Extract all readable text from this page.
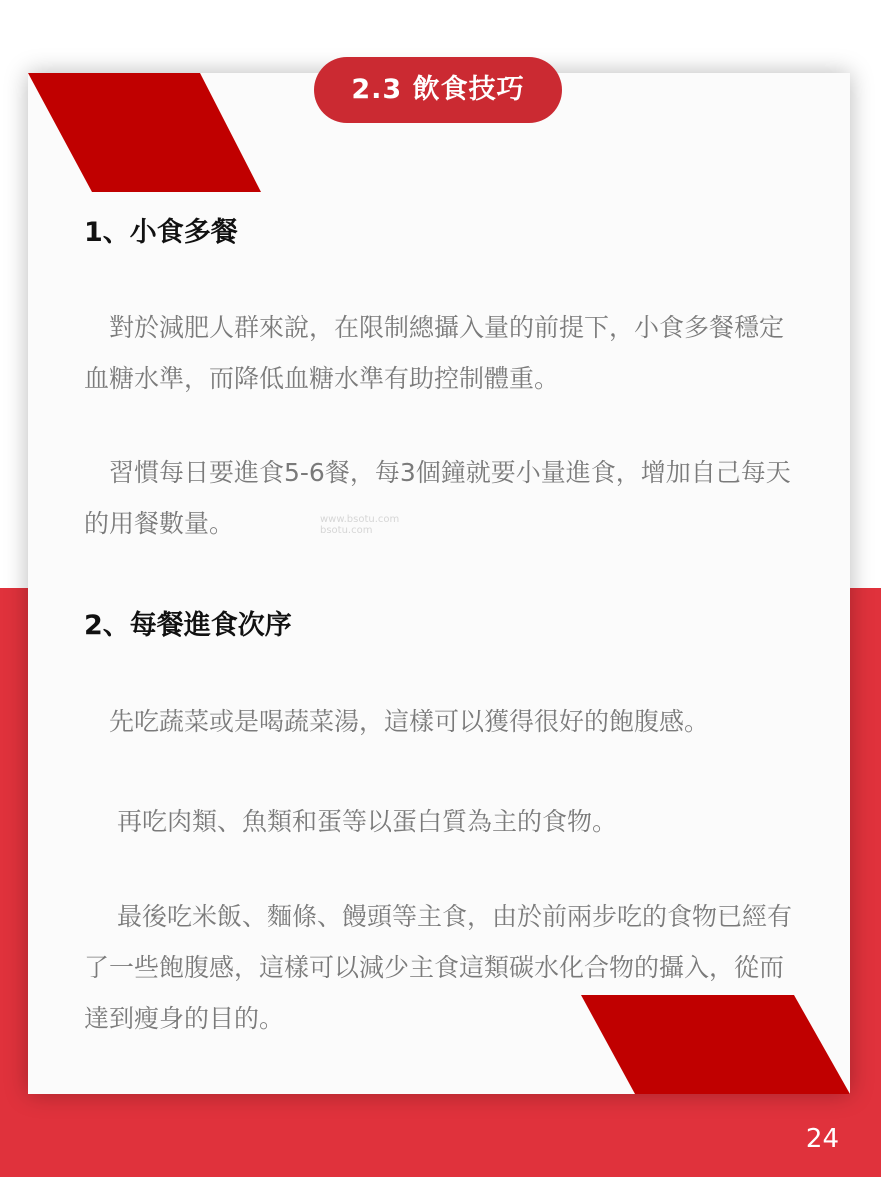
1、小食多餐

　對於減肥人群來說，在限制總攝入量的前提下，小食多餐穩定血糖水準，而降低血糖水準有助控制體重。

　習慣每日要進食5-6餐，每3個鐘就要小量進食，增加自己每天的用餐數量。	www.bsotu.com
bsotu.com
2、每餐進食次序

　先吃蔬菜或是喝蔬菜湯，這樣可以獲得很好的飽腹感。

　 再吃肉類、魚類和蛋等以蛋白質為主的食物。

　 最後吃米飯、麵條、饅頭等主食，由於前兩步吃的食物已經有了一些飽腹感，這樣可以減少主食這類碳水化合物的攝入，從而達到瘦身的目的。

2.3 飲食技巧
24
